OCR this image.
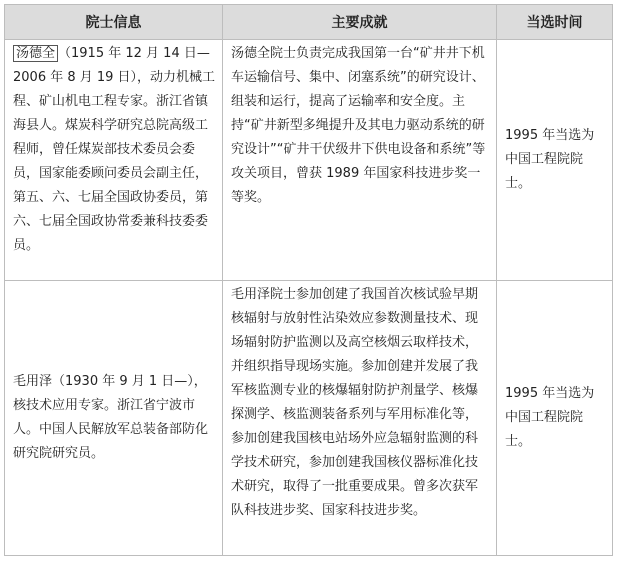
院士信息	主要成就	当选时间
汤德全 （1915 年 12 月 14 日—2006 年 8 月 19 日），动力机械工程、矿山机电工程专家。浙江省镇海县人。煤炭科学研究总院高级工程师，曾任煤炭部技术委员会委员，国家能委顾问委员会副主任，第五、六、七届全国政协委员，第六、七届全国政协常委兼科技委委员。	汤德全院士负责完成我国第一台“矿井井下机车运输信号、集中、闭塞系统”的研究设计、组装和运行，提高了运输率和安全度。主持“矿井新型多绳提升及其电力驱动系统的研究设计”“矿井干伏级井下供电设备和系统”等攻关项目，曾获 1989 年国家科技进步奖一等奖。	1995 年当选为中国工程院院士。
毛用泽（1930 年 9 月 1 日—），核技术应用专家。浙江省宁波市人。中国人民解放军总装备部防化研究院研究员。	毛用泽院士参加创建了我国首次核试验早期核辐射与放射性沾染效应参数测量技术、现场辐射防护监测以及高空核烟云取样技术，并组织指导现场实施。参加创建并发展了我军核监测专业的核爆辐射防护剂量学、核爆探测学、核监测装备系列与军用标准化等，参加创建我国核电站场外应急辐射监测的科学技术研究，参加创建我国核仪器标准化技术研究，取得了一批重要成果。曾多次获军队科技进步奖、国家科技进步奖。	1995 年当选为中国工程院院士。
